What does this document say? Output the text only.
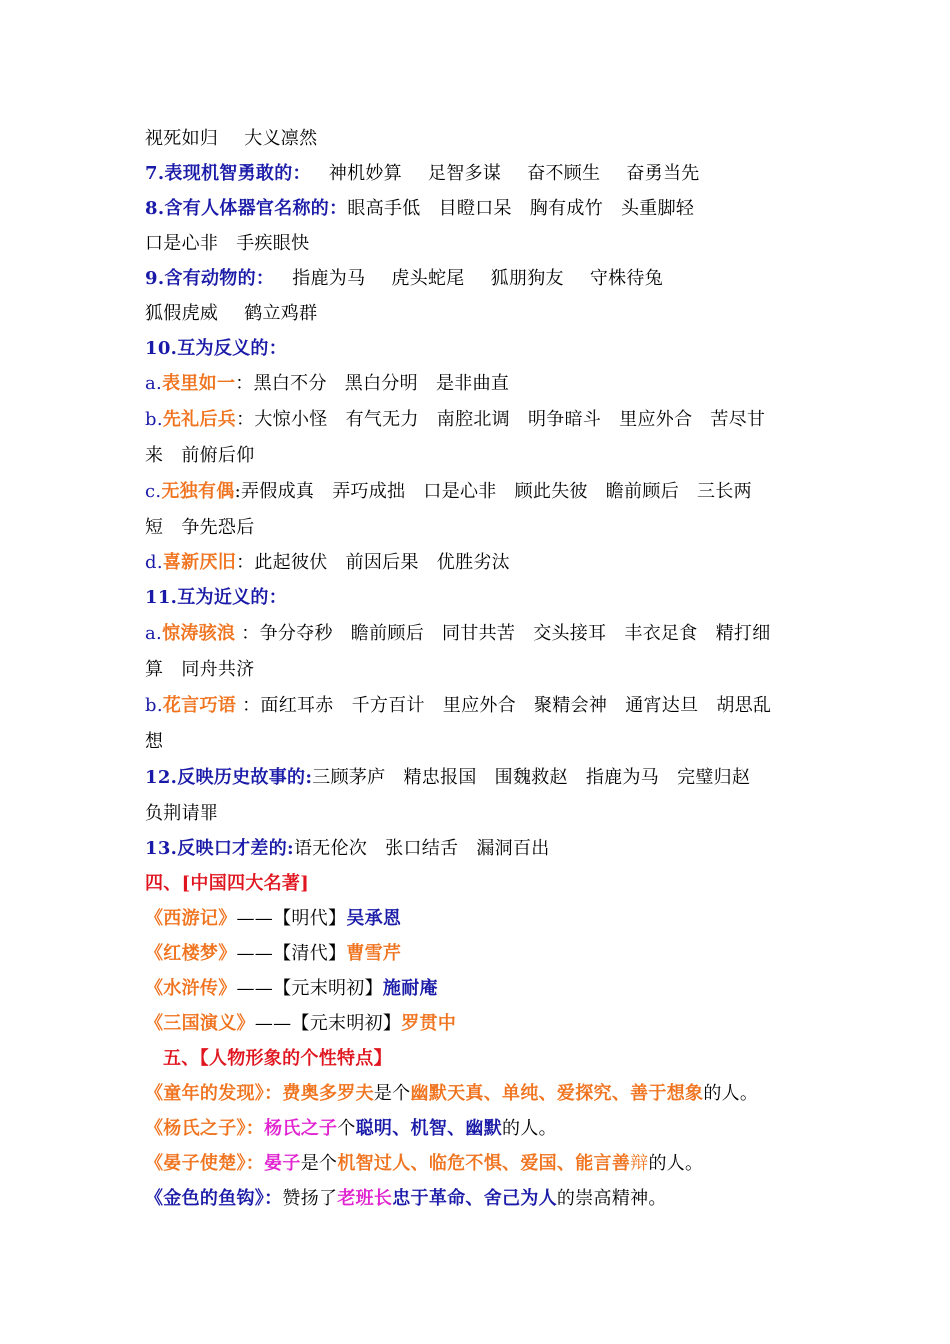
视死如归 大义凛然
7.表现机智勇敢的： 神机妙算 足智多谋 奋不顾生 奋勇当先
8.含有人体器官名称的：眼高手低 目瞪口呆 胸有成竹 头重脚轻
口是心非 手疾眼快
9.含有动物的： 指鹿为马 虎头蛇尾 狐朋狗友 守株待兔
狐假虎威 鹤立鸡群
10.互为反义的：
a.表里如一：黑白不分 黑白分明 是非曲直
b.先礼后兵：大惊小怪 有气无力 南腔北调 明争暗斗 里应外合 苦尽甘
来 前俯后仰
c.无独有偶:弄假成真 弄巧成拙 口是心非 顾此失彼 瞻前顾后 三长两
短 争先恐后
d.喜新厌旧：此起彼伏 前因后果 优胜劣汰
11.互为近义的：
a.惊涛骇浪 ：争分夺秒 瞻前顾后 同甘共苦 交头接耳 丰衣足食 精打细
算 同舟共济
b.花言巧语 ：面红耳赤 千方百计 里应外合 聚精会神 通宵达旦 胡思乱
想
12.反映历史故事的:三顾茅庐 精忠报国 围魏救赵 指鹿为马 完璧归赵
负荆请罪
13.反映口才差的:语无伦次 张口结舌 漏洞百出
四、[中国四大名著]
《西游记》——【明代】吴承恩
《红楼梦》——【清代】曹雪芹
《水浒传》——【元末明初】施耐庵
《三国演义》——【元末明初】罗贯中
五、【人物形象的个性特点】
《童年的发现》：费奥多罗夫是个幽默天真、单纯、爱探究、善于想象的人。
《杨氏之子》：杨氏之子个聪明、机智、幽默的人。
《晏子使楚》：晏子是个机智过人、临危不惧、爱国、能言善辩的人。
《金色的鱼钩》：赞扬了老班长忠于革命、舍己为人的崇高精神。
